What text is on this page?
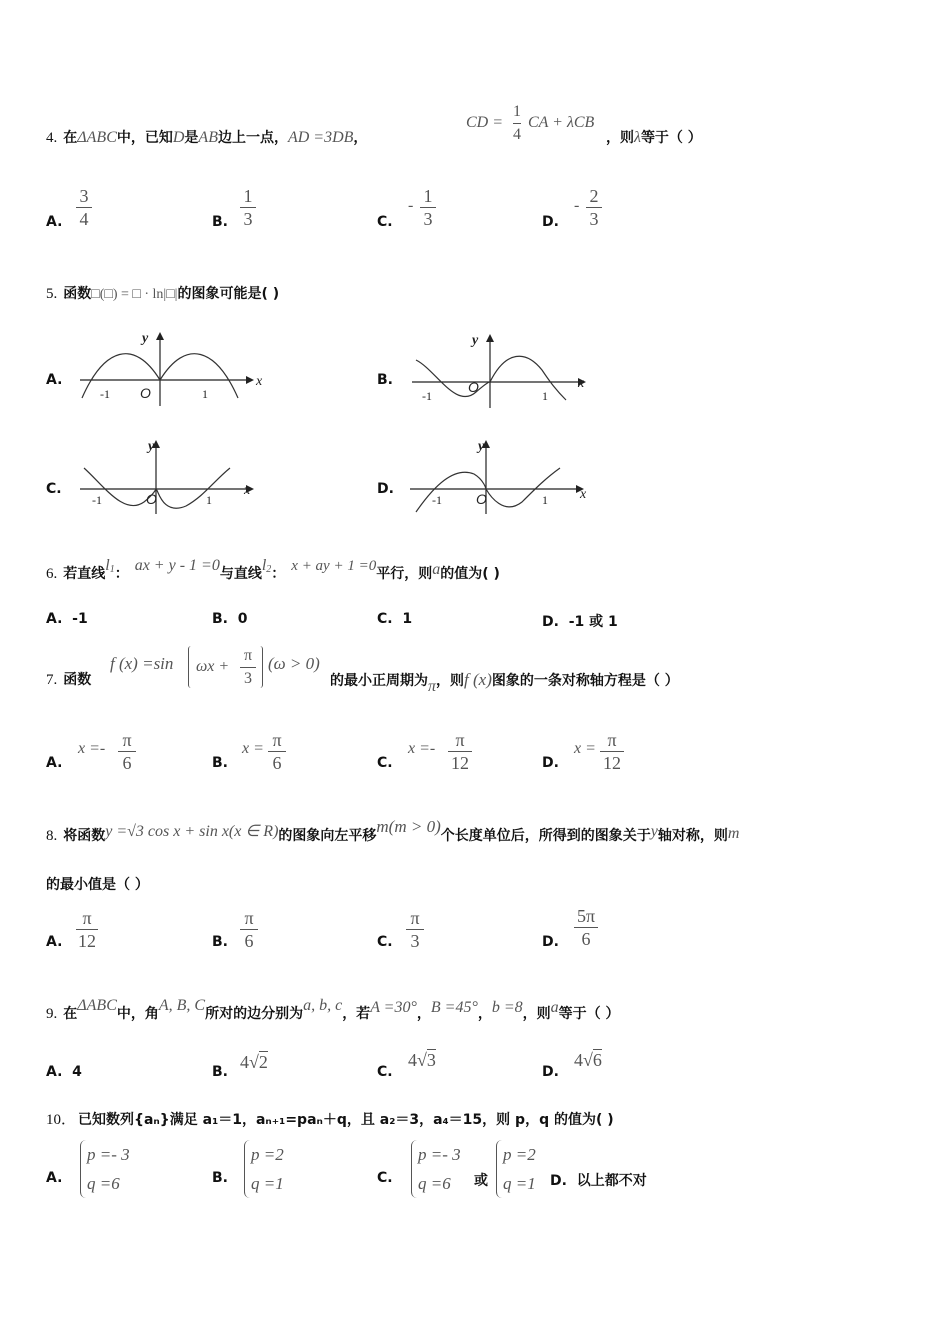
4. 在ΔABC中，已知D是AB边上一点，AD =3DB，
CD =
1
4
CA + λCB
，则λ等于（ ）
A.
3
4	B.
1
3	C.
- 1
3	D.
- 2
3
5. 函数□(□) = □ · ln|□|的图象可能是( )
A.	x
y
O
-1	1
B.	x
y
O
-1	1
C.	x
y
O
-1	1
D.	x
y
O
-1	1
6. 若直线$l^1$： ax + y - 1 =0与直线$l^2$： x + ay + 1 =0平行，则a的值为( )
A. -1	B. 0	C. 1	D. -1 或 1
7. 函数
f (x) =sin ωx +
π
3
(ω > 0)
的最小正周期为π，则f (x)图象的一条对称轴方程是（ ）
A.
x =- π
6	B.
x = π
6	C.
x =-	π
12	D.
x = π
12
8. 将函数y =√3 cos x + sin x(x ∈ R)的图象向左平移m(m > 0)个长度单位后，所得到的图象关于y轴对称，则m
的最小值是（ ）
A.
π
12	B.
π
6	C.
π
3	D.
5π
6
9. 在ΔABC中，角A, B, C所对的边分别为a, b, c，若A =30°，B =45°，b =8，则a等于（ ）
A. 4	B. 4√2	C.
4√3
D.
4√6
10． 已知数列{aₙ}满足 a₁＝1，aₙ₊₁=paₙ＋q，且 a₂＝3，a₄＝15，则 p，q 的值为( )
A.
p =- 3
q =6	B.
p =2
q =1	C.
p =- 3
q =6	或
p =2
q =1 D. 以上都不对
